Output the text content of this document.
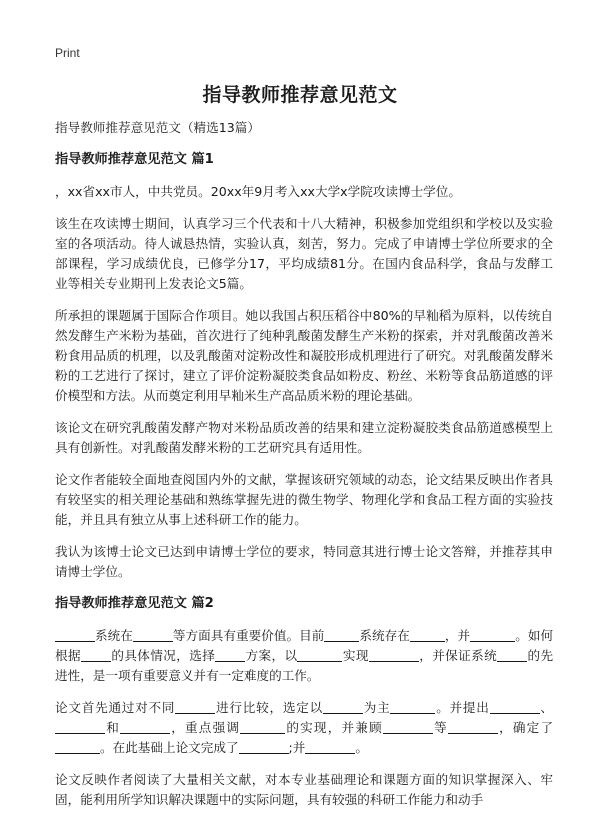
Print
指导教师推荐意见范文

指导教师推荐意见范文（精选13篇）

指导教师推荐意见范文 篇1

，xx省xx市人，中共党员。20xx年9月考入xx大学x学院攻读博士学位。

该生在攻读博士期间，认真学习三个代表和十八大精神，积极参加党组织和学校以及实验室的各项活动。待人诚恳热情，实验认真，刻苦，努力。完成了申请博士学位所要求的全部课程，学习成绩优良，已修学分17，平均成绩81分。在国内食品科学，食品与发酵工业等相关专业期刊上发表论文5篇。

所承担的课题属于国际合作项目。她以我国占积压稻谷中80%的早籼稻为原料，以传统自然发酵生产米粉为基础，首次进行了纯种乳酸菌发酵生产米粉的探索，并对乳酸菌改善米粉食用品质的机理，以及乳酸菌对淀粉改性和凝胶形成机理进行了研究。对乳酸菌发酵米粉的工艺进行了探讨，建立了评价淀粉凝胶类食品如粉皮、粉丝、米粉等食品筋道感的评价模型和方法。从而奠定利用早籼米生产高品质米粉的理论基础。

该论文在研究乳酸菌发酵产物对米粉品质改善的结果和建立淀粉凝胶类食品筋道感模型上具有创新性。对乳酸菌发酵米粉的工艺研究具有适用性。

论文作者能较全面地查阅国内外的文献，掌握该研究领域的动态，论文结果反映出作者具有较坚实的相关理论基础和熟练掌握先进的微生物学、物理化学和食品工程方面的实验技能，并且具有独立从事上述科研工作的能力。

我认为该博士论文已达到申请博士学位的要求，特同意其进行博士论文答辩，并推荐其申请博士学位。

指导教师推荐意见范文 篇2

系统在	等方面具有重要价值。目前	系统存在	，并	。如何根据 的具体情况，选择 方案，以	实现	，并保证系统 的先进性，是一项有重要意义并有一定难度的工作。

论文首先通过对不同	进行比较，选定以	为主	。并提出	、和	，重点强调	的实现，并兼顾	等	，确定了。在此基础上论文完成了	;并	。

论文反映作者阅读了大量相关文献，对本专业基础理论和课题方面的知识掌握深入、牢固，能利用所学知识解决课题中的实际问题，具有较强的科研工作能力和动手
